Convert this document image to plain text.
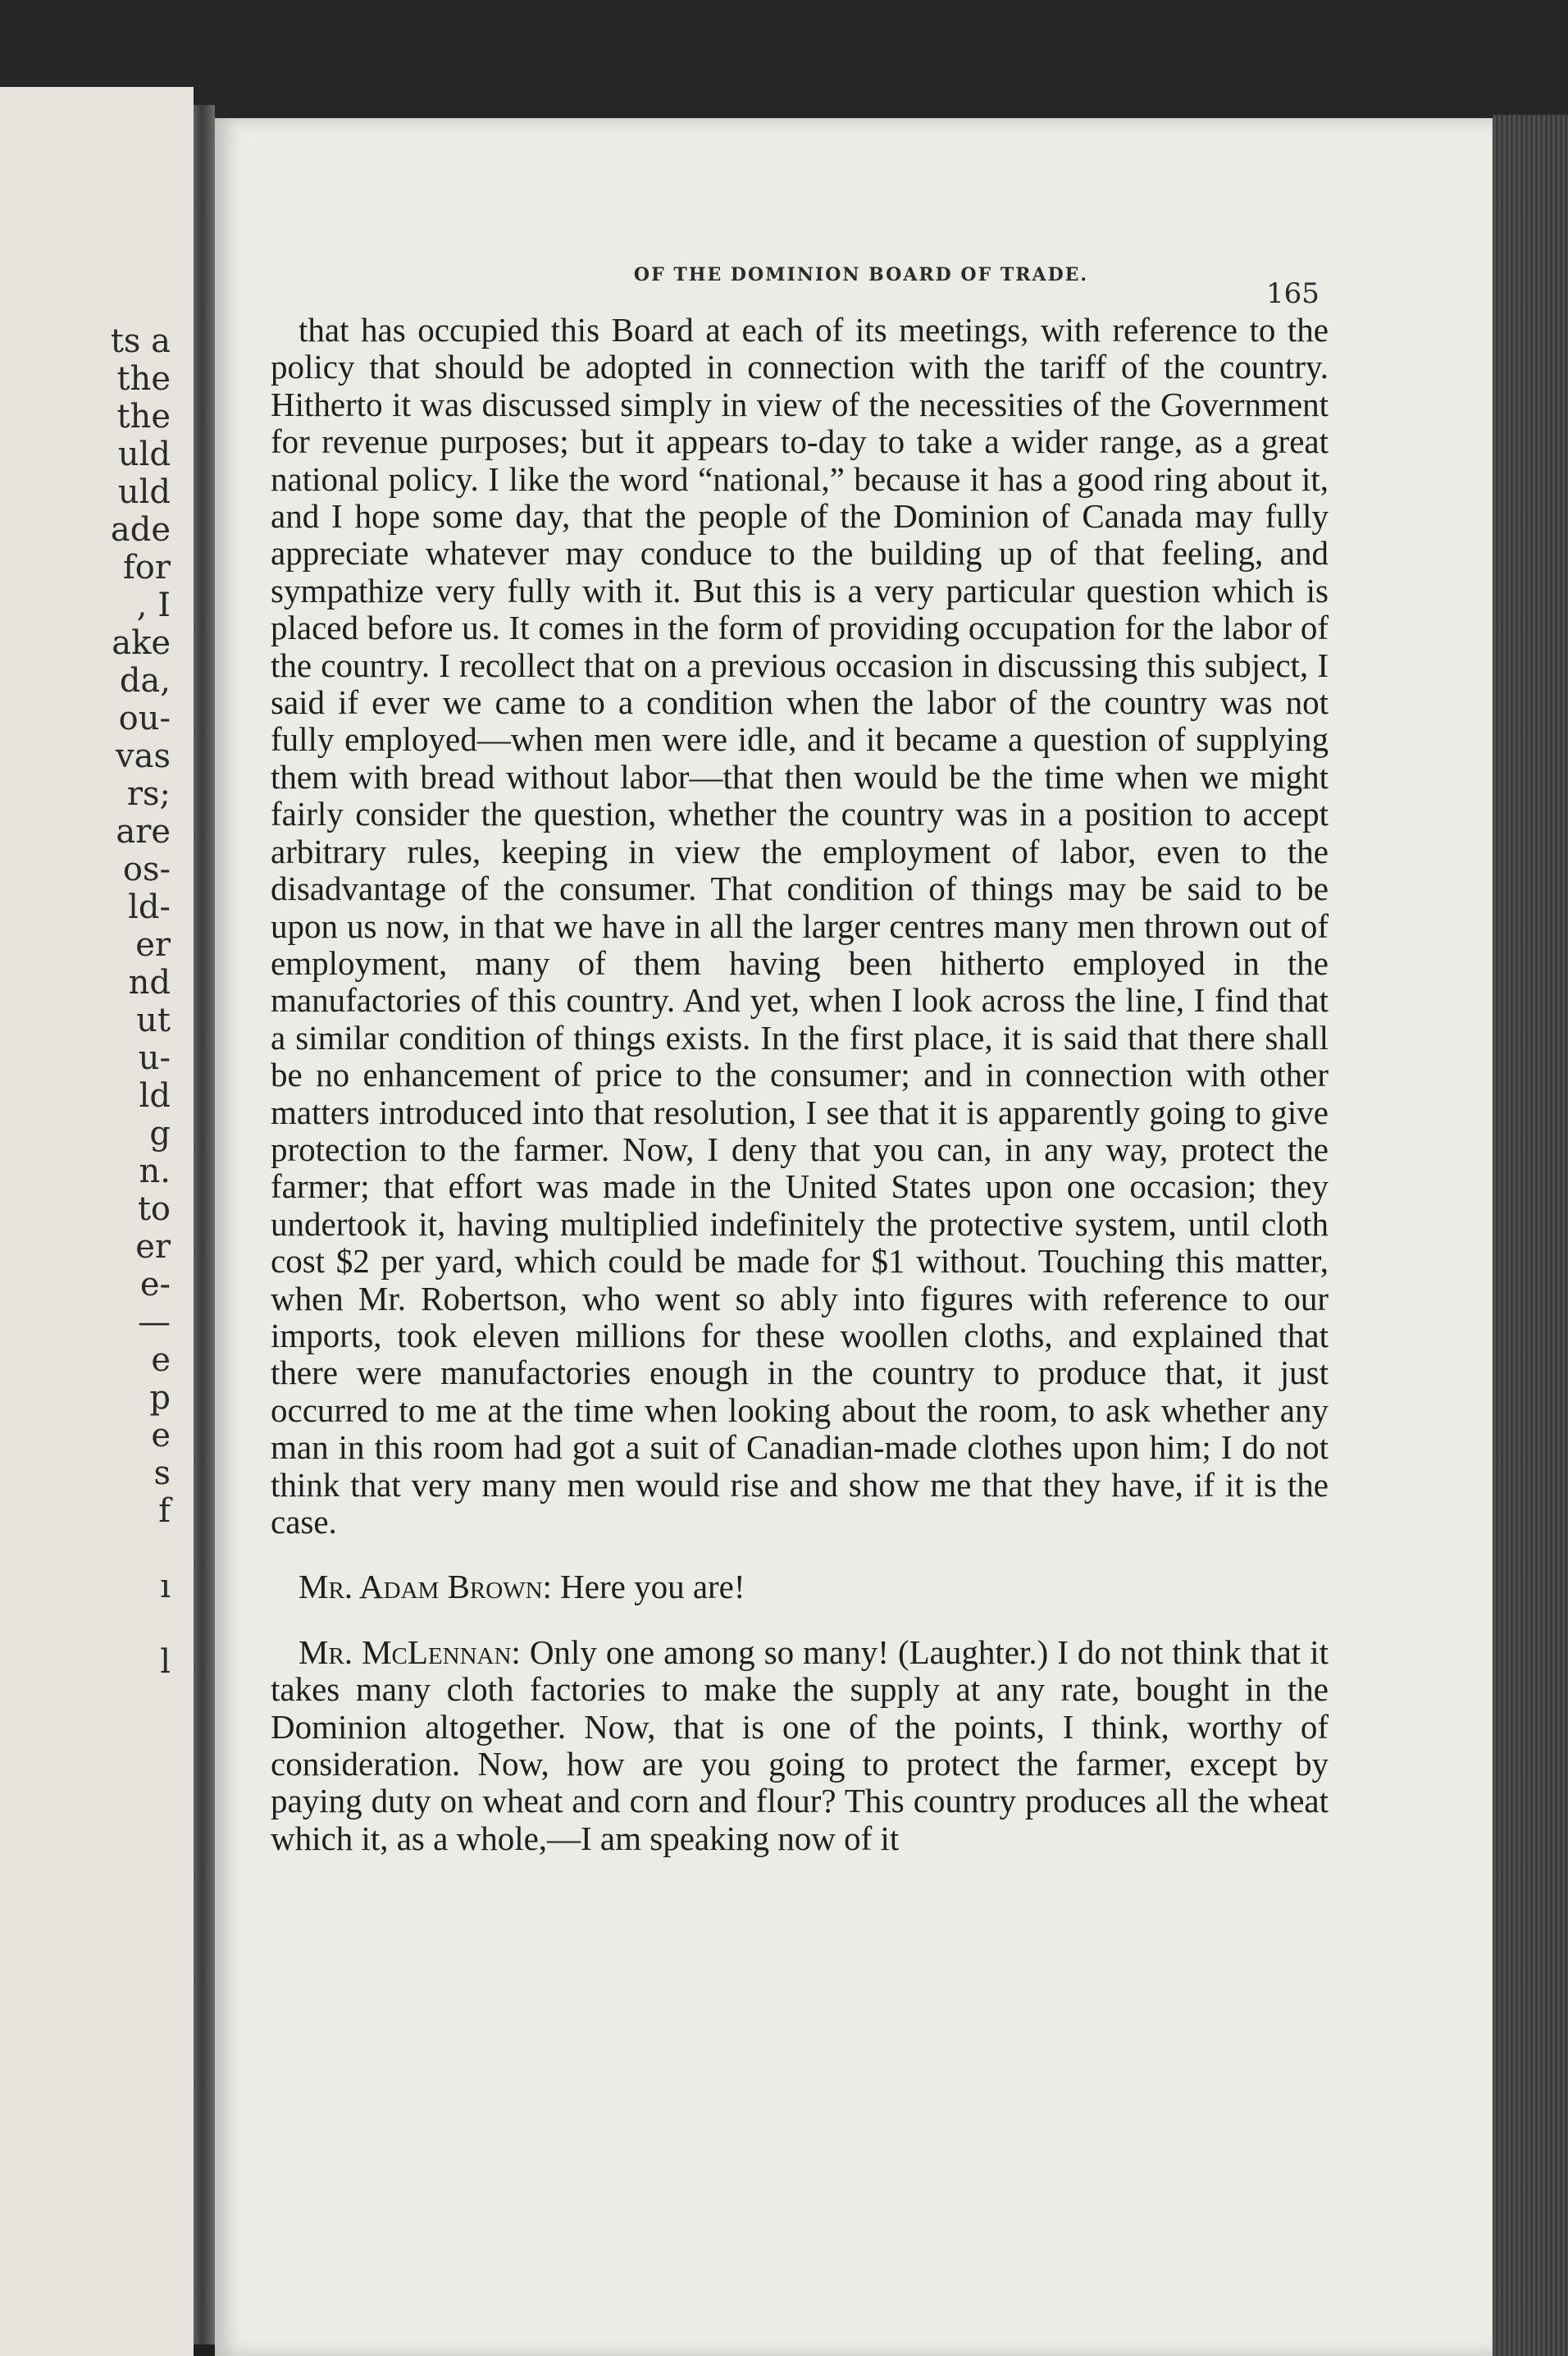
ts a
the
the
uld
uld
ade
for
, I
ake
da,
ou-
vas
rs;
are
os-
ld-
er
nd
ut
u-
ld
g
n.
to
er
e-
—
e
p
e
s
f
ı
l
OF THE DOMINION BOARD OF TRADE.
165

that has occupied this Board at each of its meetings, with reference to the policy that should be adopted in connection with the tariff of the country. Hitherto it was discussed simply in view of the necessities of the Government for revenue purposes; but it appears to-day to take a wider range, as a great national policy. I like the word “national,” because it has a good ring about it, and I hope some day, that the people of the Dominion of Canada may fully appreciate whatever may conduce to the building up of that feeling, and sympathize very fully with it. But this is a very particular question which is placed before us. It comes in the form of providing occupation for the labor of the country. I recollect that on a previous occasion in discussing this subject, I said if ever we came to a condition when the labor of the country was not fully employed—when men were idle, and it became a question of supplying them with bread without labor—that then would be the time when we might fairly consider the question, whether the country was in a position to accept arbitrary rules, keeping in view the employment of labor, even to the disadvantage of the consumer. That condition of things may be said to be upon us now, in that we have in all the larger centres many men thrown out of employment, many of them having been hitherto employed in the manufactories of this country. And yet, when I look across the line, I find that a similar condition of things exists. In the first place, it is said that there shall be no enhancement of price to the consumer; and in connection with other matters introduced into that resolution, I see that it is apparently going to give protection to the farmer. Now, I deny that you can, in any way, protect the farmer; that effort was made in the United States upon one occasion; they undertook it, having multiplied indefinitely the protective system, until cloth cost $2 per yard, which could be made for $1 without. Touching this matter, when Mr. Robertson, who went so ably into figures with reference to our imports, took eleven millions for these woollen cloths, and explained that there were manufactories enough in the country to produce that, it just occurred to me at the time when looking about the room, to ask whether any man in this room had got a suit of Canadian-made clothes upon him; I do not think that very many men would rise and show me that they have, if it is the case.

Mr. Adam Brown: Here you are!

Mr. McLennan: Only one among so many! (Laughter.) I do not think that it takes many cloth factories to make the supply at any rate, bought in the Dominion altogether. Now, that is one of the points, I think, worthy of consideration. Now, how are you going to protect the farmer, except by paying duty on wheat and corn and flour? This country produces all the wheat which it, as a whole,—I am speaking now of it
